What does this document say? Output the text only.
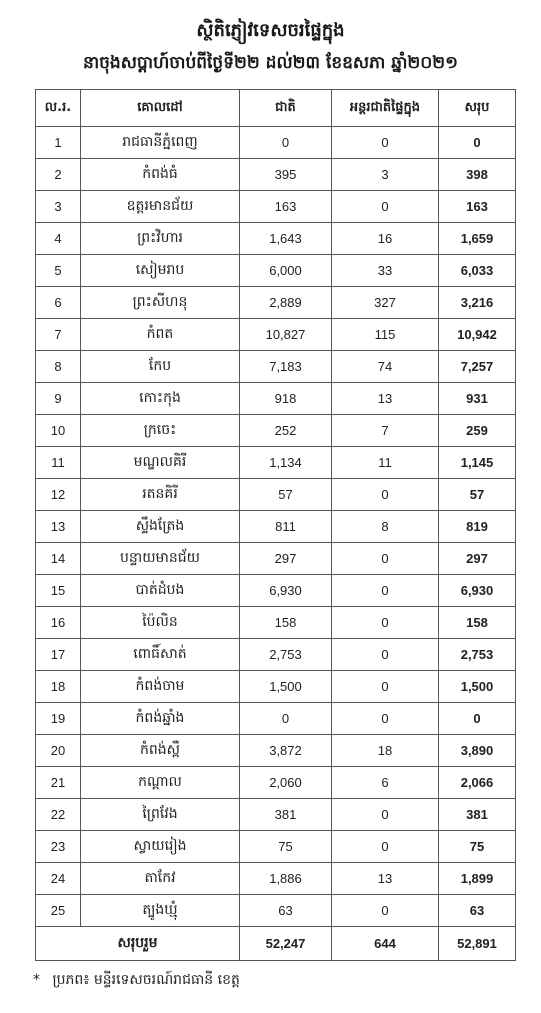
ស្ថិតិភ្ញៀវទេសចរផ្ទៃក្នុង
នាចុងសប្តាហ៍ចាប់ពីថ្ងៃទី២២ ដល់២៣ ខែឧសភា ឆ្នាំ២០២១
ល.រ.	គោលដៅ	ជាតិ	អន្តរជាតិផ្ទៃក្នុង	សរុប
1	រាជធានីភ្នំពេញ	0	0	0
2	កំពង់ធំ	395	3	398
3	ឧត្តរមានជ័យ	163	0	163
4	ព្រះវិហារ	1,643	16	1,659
5	សៀមរាប	6,000	33	6,033
6	ព្រះសីហនុ	2,889	327	3,216
7	កំពត	10,827	115	10,942
8	កែប	7,183	74	7,257
9	កោះកុង	918	13	931
10	ក្រចេះ	252	7	259
11	មណ្ឌលគិរី	1,134	11	1,145
12	រតនគិរី	57	0	57
13	ស្ទឹងត្រែង	811	8	819
14	បន្ទាយមានជ័យ	297	0	297
15	បាត់ដំបង	6,930	0	6,930
16	ប៉ៃលិន	158	0	158
17	ពោធិ៍សាត់	2,753	0	2,753
18	កំពង់ចាម	1,500	0	1,500
19	កំពង់ឆ្នាំង	0	0	0
20	កំពង់ស្ពឺ	3,872	18	3,890
21	កណ្តាល	2,060	6	2,066
22	ព្រៃវែង	381	0	381
23	ស្វាយរៀង	75	0	75
24	តាកែវ	1,886	13	1,899
25	ត្បូងឃ្មុំ	63	0	63
សរុបរួម		52,247	644	52,891
* ប្រភព៖ មន្ទីរទេសចរណ៍រាជធានី ខេត្ត
